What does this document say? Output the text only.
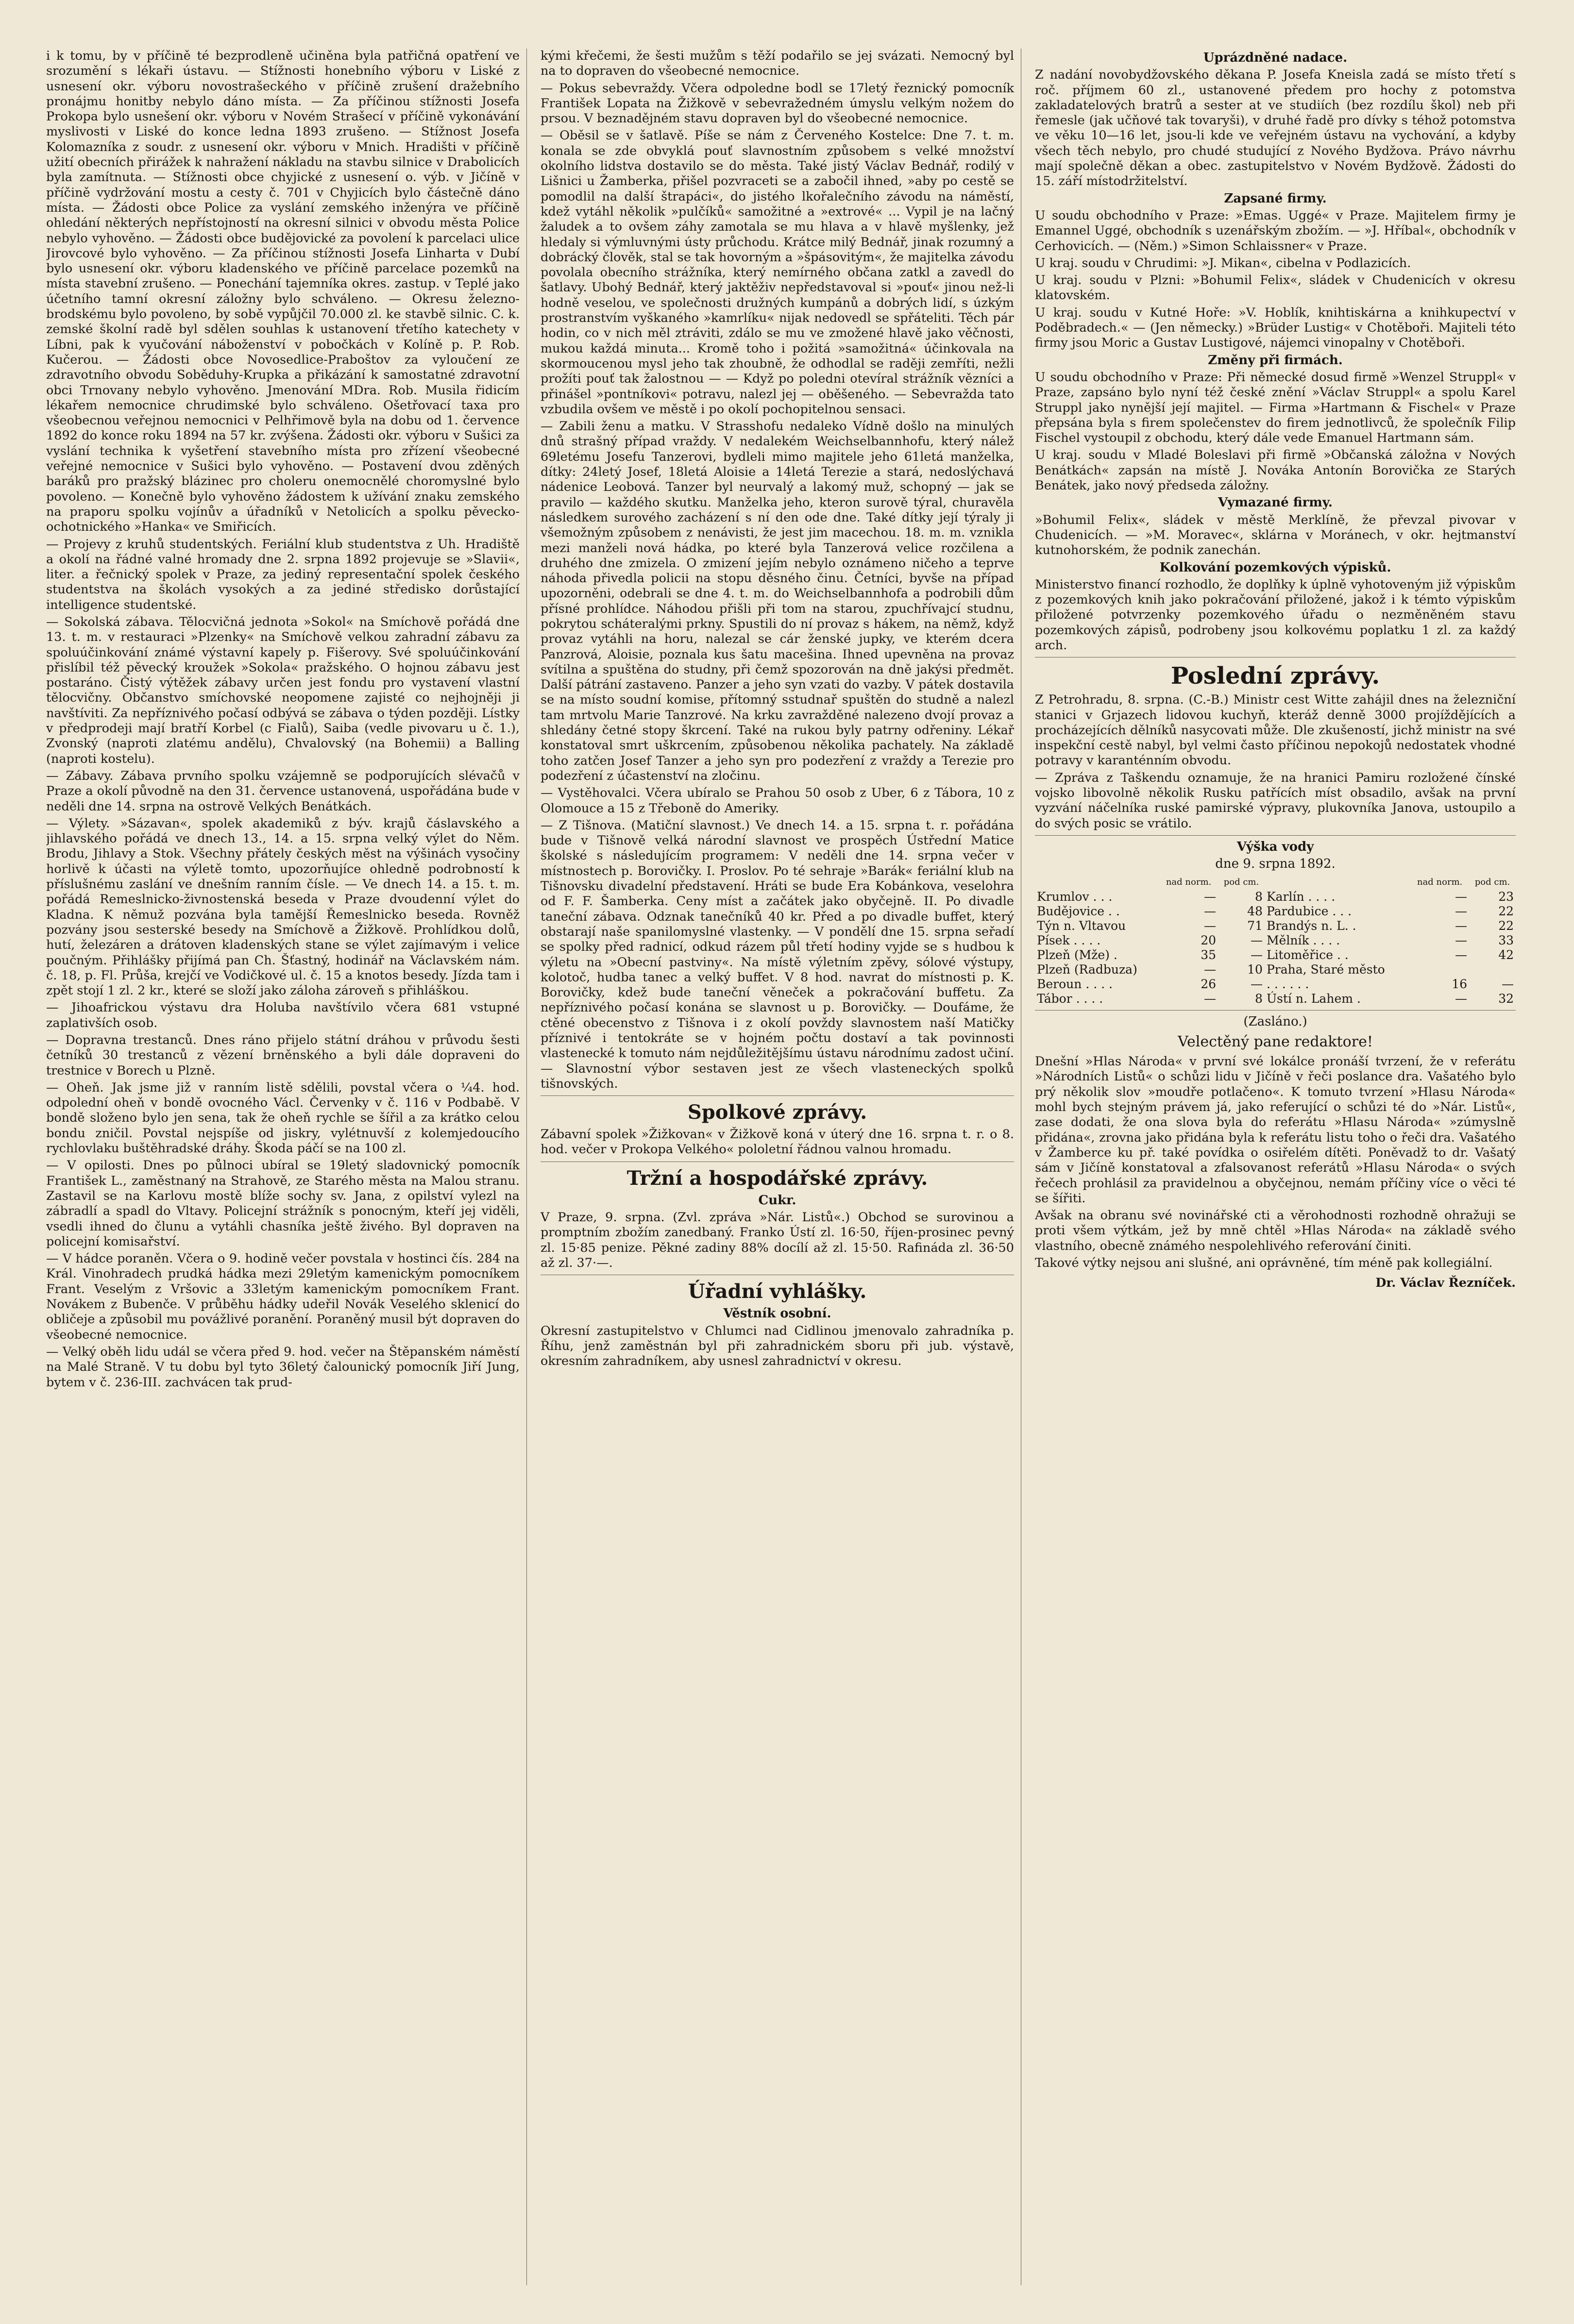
i k tomu, by v příčině té bezprodleně učiněna byla patřičná opatření ve srozumění s lékaři ústavu. — Stížnosti honebního výboru v Liské z usnesení okr. výboru novostrašeckého v příčině zrušení dražebního pronájmu honitby nebylo dáno místa. — Za příčinou stížnosti Josefa Prokopa bylo usnešení okr. výboru v Novém Strašecí v příčině vykonávání myslivosti v Liské do konce ledna 1893 zrušeno. — Stížnost Josefa Kolomazníka z soudr. z usnesení okr. výboru v Mnich. Hradišti v příčině užití obecních přirážek k nahražení nákladu na stavbu silnice v Drabolicích byla zamítnuta. — Stížnosti obce chyjické z usnesení o. výb. v Jičíně v příčině vydržování mostu a cesty č. 701 v Chyjicích bylo částečně dáno místa. — Žádosti obce Police za vyslání zemského inženýra ve příčině ohledání některých nepřístojností na okresní silnici v obvodu města Police nebylo vyhověno. — Žádosti obce budějovické za povolení k parcelaci ulice Jirovcové bylo vyhověno. — Za příčinou stížnosti Josefa Linharta v Dubí bylo usnesení okr. výboru kladenského ve příčině parcelace pozemků na místa stavební zrušeno. — Ponechání tajemníka okres. zastup. v Teplé jako účetního tamní okresní záložny bylo schváleno. — Okresu železno-brodskému bylo povoleno, by sobě vypůjčil 70.000 zl. ke stavbě silnic. C. k. zemské školní radě byl sdělen souhlas k ustanovení třetího katechety v Líbni, pak k vyučování náboženství v pobočkách v Kolíně p. P. Rob. Kučerou. — Žádosti obce Novosedlice-Praboštov za vyloučení ze zdravotního obvodu Soběduhy-Krupka a přikázání k samostatné zdravotní obci Trnovany nebylo vyhověno. Jmenování MDra. Rob. Musila řidicím lékařem nemocnice chrudimské bylo schváleno. Ošetřovací taxa pro všeobecnou veřejnou nemocnici v Pelhřimově byla na dobu od 1. července 1892 do konce roku 1894 na 57 kr. zvýšena. Žádosti okr. výboru v Sušici za vyslání technika k vyšetření stavebního místa pro zřízení všeobecné veřejné nemocnice v Sušici bylo vyhověno. — Postavení dvou zděných baráků pro pražský blázinec pro choleru onemocnělé choromyslné bylo povoleno. — Konečně bylo vyhověno žádostem k užívání znaku zemského na praporu spolku vojínův a úřadníků v Netolicích a spolku pěvecko-ochotnického »Hanka« ve Smiřicích.

— Projevy z kruhů studentských. Feriální klub studentstva z Uh. Hradiště a okolí na řádné valné hromady dne 2. srpna 1892 projevuje se »Slavii«, liter. a řečnický spolek v Praze, za jediný representační spolek českého studentstva na školách vysokých a za jediné středisko dorůstající intelligence studentské.

— Sokolská zábava. Tělocvičná jednota »Sokol« na Smíchově pořádá dne 13. t. m. v restauraci »Plzenky« na Smíchově velkou zahradní zábavu za spoluúčinkování známé výstavní kapely p. Fišerovy. Své spoluúčinkování přislíbil též pěvecký kroužek »Sokola« pražského. O hojnou zábavu jest postaráno. Čistý výtěžek zábavy určen jest fondu pro vystavení vlastní tělocvičny. Občanstvo smíchovské neopomene zajisté co nejhojněji ji navštíviti. Za nepříznivého počasí odbývá se zábava o týden později. Lístky v předprodeji mají bratří Korbel (c Fialů), Saiba (vedle pivovaru u č. 1.), Zvonský (naproti zlatému andělu), Chvalovský (na Bohemii) a Balling (naproti kostelu).

— Zábavy. Zábava prvního spolku vzájemně se podporujících slévačů v Praze a okolí původně na den 31. července ustanovená, uspořádána bude v neděli dne 14. srpna na ostrově Velkých Benátkách.

— Výlety. »Sázavan«, spolek akademiků z býv. krajů čáslavského a jihlavského pořádá ve dnech 13., 14. a 15. srpna velký výlet do Něm. Brodu, Jihlavy a Stok. Všechny přátely českých měst na výšinách vysočiny horlivě k účasti na výletě tomto, upozorňujíce ohledně podrobností k příslušnému zaslání ve dnešním ranním čísle. — Ve dnech 14. a 15. t. m. pořádá Remeslnicko-živnostenská beseda v Praze dvoudenní výlet do Kladna. K němuž pozvána byla tamější Řemeslnicko beseda. Rovněž pozvány jsou sesterské besedy na Smíchově a Žižkově. Prohlídkou dolů, hutí, železáren a drátoven kladenských stane se výlet zajímavým i velice poučným. Přihlášky přijímá pan Ch. Šťastný, hodinář na Václavském nám. č. 18, p. Fl. Průša, krejčí ve Vodičkové ul. č. 15 a knotos besedy. Jízda tam i zpět stojí 1 zl. 2 kr., které se složí jako záloha zároveň s přihláškou.

— Jihoafrickou výstavu dra Holuba navštívilo včera 681 vstupné zaplativších osob.

— Dopravna trestanců. Dnes ráno přijelo státní dráhou v průvodu šesti četníků 30 trestanců z vězení brněnského a byli dále dopraveni do trestnice v Borech u Plzně.

— Oheň. Jak jsme již v ranním listě sdělili, povstal včera o ¼4. hod. odpolední oheň v bondě ovocného Václ. Červenky v č. 116 v Podbabě. V bondě složeno bylo jen sena, tak že oheň rychle se šířil a za krátko celou bondu zničil. Povstal nejspíše od jiskry, vylétnuvší z kolemjedoucího rychlovlaku buštěhradské dráhy. Škoda páčí se na 100 zl.

— V opilosti. Dnes po půlnoci ubíral se 19letý sladovnický pomocník František L., zaměstnaný na Strahově, ze Starého města na Malou stranu. Zastavil se na Karlovu mostě blíže sochy sv. Jana, z opilství vylezl na zábradlí a spadl do Vltavy. Policejní strážník s ponocným, kteří jej viděli, vsedli ihned do člunu a vytáhli chasníka ještě živého. Byl dopraven na policejní komisařství.

— V hádce poraněn. Včera o 9. hodině večer povstala v hostinci čís. 284 na Král. Vinohradech prudká hádka mezi 29letým kamenickým pomocníkem Frant. Veselým z Vršovic a 33letým kamenickým pomocníkem Frant. Novákem z Bubenče. V průběhu hádky udeřil Novák Veselého sklenicí do obličeje a způsobil mu povážlivé poranění. Poraněný musil být dopraven do všeobecné nemocnice.

— Velký oběh lidu udál se včera před 9. hod. večer na Štěpanském náměstí na Malé Straně. V tu dobu byl tyto 36letý čalounický pomocník Jiří Jung, bytem v č. 236-III. zachvácen tak prud-

kými křečemi, že šesti mužům s těží podařilo se jej svázati. Nemocný byl na to dopraven do všeobecné nemocnice.

— Pokus sebevraždy. Včera odpoledne bodl se 17letý řeznický pomocník František Lopata na Žižkově v sebevražedném úmyslu velkým nožem do prsou. V beznadějném stavu dopraven byl do všeobecné nemocnice.

— Oběsil se v šatlavě. Píše se nám z Červeného Kostelce: Dne 7. t. m. konala se zde obvyklá pouť slavnostním způsobem s velké množství okolního lidstva dostavilo se do města. Také jistý Václav Bednář, rodilý v Lišnici u Žamberka, přišel pozvraceti se a zabočil ihned, »aby po cestě se pomodlil na další štrapáci«, do jistého lkořalečního závodu na náměstí, kdež vytáhl několik »pulčíků« samožitné a »extrové« ... Vypil je na lačný žaludek a to ovšem záhy zamotala se mu hlava a v hlavě myšlenky, jež hledaly si výmluvnými ústy průchodu. Krátce milý Bednář, jinak rozumný a dobrácký člověk, stal se tak hovorným a »špásovitým«, že majitelka závodu povolala obecního strážníka, který nemírného občana zatkl a zavedl do šatlavy. Ubohý Bednář, který jaktěživ nepředstavoval si »pouť« jinou než-li hodně veselou, ve společnosti družných kumpánů a dobrých lidí, s úzkým prostranstvím vyškaného »kamrlíku« nijak nedovedl se spřáteliti. Těch pár hodin, co v nich měl ztráviti, zdálo se mu ve zmožené hlavě jako věčnosti, mukou každá minuta... Kromě toho i požitá »samožitná« účinkovala na skormoucenou mysl jeho tak zhoubně, že odhodlal se raději zemříti, nežli prožíti pouť tak žalostnou — — Když po poledni otevíral strážník vězníci a přinášel »pontníkovi« potravu, nalezl jej — oběšeného. — Sebevražda tato vzbudila ovšem ve městě i po okolí pochopitelnou sensaci.

— Zabili ženu a matku. V Strasshofu nedaleko Vídně došlo na minulých dnů strašný případ vraždy. V nedalekém Weichselbannhofu, který nálež 69letému Josefu Tanzerovi, bydleli mimo majitele jeho 61letá manželka, dítky: 24letý Josef, 18letá Aloisie a 14letá Terezie a stará, nedoslýchavá nádenice Leobová. Tanzer byl neurvalý a lakomý muž, schopný — jak se pravilo — každého skutku. Manželka jeho, kteron surově týral, churavěla následkem surového zacházení s ní den ode dne. Také dítky její týraly ji všemožným způsobem z nenávisti, že jest jim macechou. 18. m. m. vznikla mezi manželi nová hádka, po které byla Tanzerová velice rozčilena a druhého dne zmizela. O zmizení jejím nebylo oznámeno ničeho a teprve náhoda přivedla policii na stopu děsného činu. Četníci, byvše na případ upozorněni, odebrali se dne 4. t. m. do Weichselbannhofa a podrobili dům přísné prohlídce. Náhodou přišli při tom na starou, zpuchřívajcí studnu, pokrytou scháteralými prkny. Spustili do ní provaz s hákem, na němž, když provaz vytáhli na horu, nalezal se cár ženské jupky, ve kterém dcera Panzrová, Aloisie, poznala kus šatu macešina. Ihned upevněna na provaz svítilna a spuštěna do studny, při čemž spozorován na dně jakýsi předmět. Další pátrání zastaveno. Panzer a jeho syn vzati do vazby. V pátek dostavila se na místo soudní komise, přítomný sstudnař spuštěn do studně a nalezl tam mrtvolu Marie Tanzrové. Na krku zavražděné nalezeno dvojí provaz a shledány četné stopy škrcení. Také na rukou byly patrny odřeniny. Lékař konstatoval smrt uškrcením, způsobenou několika pachately. Na základě toho zatčen Josef Tanzer a jeho syn pro podezření z vraždy a Terezie pro podezření z účastenství na zločinu.

— Vystěhovalci. Včera ubíralo se Prahou 50 osob z Uber, 6 z Tábora, 10 z Olomouce a 15 z Třeboně do Ameriky.

— Z Tišnova. (Matiční slavnost.) Ve dnech 14. a 15. srpna t. r. pořádána bude v Tišnově velká národní slavnost ve prospěch Ústřední Matice školské s následujícím programem: V neděli dne 14. srpna večer v místnostech p. Borovičky. I. Proslov. Po té sehraje »Barák« feriální klub na Tišnovsku divadelní představení. Hráti se bude Era Kobánkova, veselohra od F. F. Šamberka. Ceny míst a začátek jako obyčejně. II. Po divadle taneční zábava. Odznak tanečníků 40 kr. Před a po divadle buffet, který obstarají naše spanilomyslné vlastenky. — V pondělí dne 15. srpna seřadí se spolky před radnicí, odkud rázem půl třetí hodiny vyjde se s hudbou k výletu na »Obecní pastviny«. Na místě výletním zpěvy, sólové výstupy, kolotoč, hudba tanec a velký buffet. V 8 hod. navrat do místnosti p. K. Borovičky, kdež bude taneční věneček a pokračování buffetu. Za nepříznivého počasí konána se slavnost u p. Borovičky. — Doufáme, že ctěné obecenstvo z Tišnova i z okolí povždy slavnostem naší Matičky příznivé i tentokráte se v hojném počtu dostaví a tak povinnosti vlastenecké k tomuto nám nejdůležitějšímu ústavu národnímu zadost učiní. — Slavnostní výbor sestaven jest ze všech vlasteneckých spolků tišnovských.

Spolkové zprávy.

Zábavní spolek »Žižkovan« v Žižkově koná v úterý dne 16. srpna t. r. o 8. hod. večer v Prokopa Velkého« pololetní řádnou valnou hromadu.

Tržní a hospodářské zprávy.
Cukr.

V Praze, 9. srpna. (Zvl. zpráva »Nár. Listů«.) Obchod se surovinou a promptním zbožím zanedbaný. Franko Ústí zl. 16·50, říjen-prosinec pevný zl. 15·85 penize. Pěkné zadiny 88% docílí až zl. 15·50. Rafináda zl. 36·50 až zl. 37·—.

Úřadní vyhlášky.
Věstník osobní.

Okresní zastupitelstvo v Chlumci nad Cidlinou jmenovalo zahradníka p. Říhu, jenž zaměstnán byl při zahradnickém sboru při jub. výstavě, okresním zahradníkem, aby usnesl zahradnictví v okresu.

Uprázdněné nadace.

Z nadání novobydžovského děkana P. Josefa Kneisla zadá se místo třetí s roč. příjmem 60 zl., ustanovené předem pro hochy z potomstva zakladatelových bratrů a sester at ve studiích (bez rozdílu škol) neb při řemesle (jak učňové tak tovaryši), v druhé řadě pro dívky s téhož potomstva ve věku 10—16 let, jsou-li kde ve veřejném ústavu na vychování, a kdyby všech těch nebylo, pro chudé studující z Nového Bydžova. Právo návrhu mají společně děkan a obec. zastupitelstvo v Novém Bydžově. Žádosti do 15. září místodržitelství.

Zapsané firmy.

U soudu obchodního v Praze: »Emas. Uggé« v Praze. Majitelem firmy je Emannel Uggé, obchodník s uzenářským zbožím. — »J. Hříbal«, obchodník v Cerhovicích. — (Něm.) »Simon Schlaissner« v Praze.

U kraj. soudu v Chrudimi: »J. Mikan«, cibelna v Podlazicích.

U kraj. soudu v Plzni: »Bohumil Felix«, sládek v Chudenicích v okresu klatovském.

U kraj. soudu v Kutné Hoře: »V. Hoblík, knihtiskárna a knihkupectví v Poděbradech.« — (Jen německy.) »Brüder Lustig« v Chotěboři. Majiteli této firmy jsou Moric a Gustav Lustigové, nájemci vinopalny v Chotěboři.

Změny při firmách.

U soudu obchodního v Praze: Při německé dosud firmě »Wenzel Struppl« v Praze, zapsáno bylo nyní též české znění »Václav Struppl« a spolu Karel Struppl jako nynější její majitel. — Firma »Hartmann & Fischel« v Praze přepsána byla s firem společenstev do firem jednotlivců, že společník Filip Fischel vystoupil z obchodu, který dále vede Emanuel Hartmann sám.

U kraj. soudu v Mladé Boleslavi při firmě »Občanská záložna v Nových Benátkách« zapsán na místě J. Nováka Antonín Borovička ze Starých Benátek, jako nový předseda záložny.

Vymazané firmy.

»Bohumil Felix«, sládek v městě Merklíně, že převzal pivovar v Chudenicích. — »M. Moravec«, sklárna v Moránech, v okr. hejtmanství kutnohorském, že podnik zanechán.

Kolkování pozemkových výpisků.

Ministerstvo financí rozhodlo, že doplňky k úplně vyhotoveným již výpiskům z pozemkových knih jako pokračování přiložené, jakož i k témto výpiskům přiložené potvrzenky pozemkového úřadu o nezměněném stavu pozemkových zápisů, podrobeny jsou kolkovému poplatku 1 zl. za každý arch.

Poslední zprávy.

Z Petrohradu, 8. srpna. (C.-B.) Ministr cest Witte zahájil dnes na železniční stanici v Grjazech lidovou kuchyň, kteráž denně 3000 projíždějících a procházejících dělníků nasycovati může. Dle zkušeností, jichž ministr na své inspekční cestě nabyl, byl velmi často příčinou nepokojů nedostatek vhodné potravy v karanténním obvodu.

— Zpráva z Taškendu oznamuje, že na hranici Pamiru rozložené čínské vojsko libovolně několik Rusku patřících míst obsadilo, avšak na první vyzvání náčelníka ruské pamirské výpravy, plukovníka Janova, ustoupilo a do svých posic se vrátilo.

Výška vody
dne 9. srpna 1892.
	nad norm.	pod cm.		nad norm.	pod cm.
Krumlov . . .	—	8	Karlín . . . .	—	23
Budějovice . .	—	48	Pardubice . . .	—	22
Týn n. Vltavou	—	71	Brandýs n. L. .	—	22
Písek . . . .	20	—	Mělník . . . .	—	33
Plzeň (Mže) .	35	—	Litoměřice . .	—	42
Plzeň (Radbuza)	—	10	Praha, Staré město		
Beroun . . . .	26	—	. . . . . .	16	—
Tábor . . . .	—	8	Ústí n. Lahem .	—	32
(Zasláno.)
Velectěný pane redaktore!

Dnešní »Hlas Národa« v první své lokálce pronáší tvrzení, že v referátu »Národních Listů« o schůzi lidu v Jičíně v řeči poslance dra. Vašatého bylo prý několik slov »moudře potlačeno«. K tomuto tvrzení »Hlasu Národa« mohl bych stejným právem já, jako referující o schůzi té do »Nár. Listů«, zase dodati, že ona slova byla do referátu »Hlasu Národa« »zúmyslně přidána«, zrovna jako přidána byla k referátu listu toho o řeči dra. Vašatého v Žamberce ku př. také povídka o osiřelém dítěti. Poněvadž to dr. Vašatý sám v Jičíně konstatoval a zfalsovanost referátů »Hlasu Národa« o svých řečech prohlásil za pravidelnou a obyčejnou, nemám příčiny více o věci té se šířiti.

Avšak na obranu své novinářské cti a věrohodnosti rozhodně ohražuji se proti všem výtkám, jež by mně chtěl »Hlas Národa« na základě svého vlastního, obecně známého nespolehlivého referování činiti.

Takové výtky nejsou ani slušné, ani oprávněné, tím méně pak kollegiální.

Dr. Václav Řezníček.
